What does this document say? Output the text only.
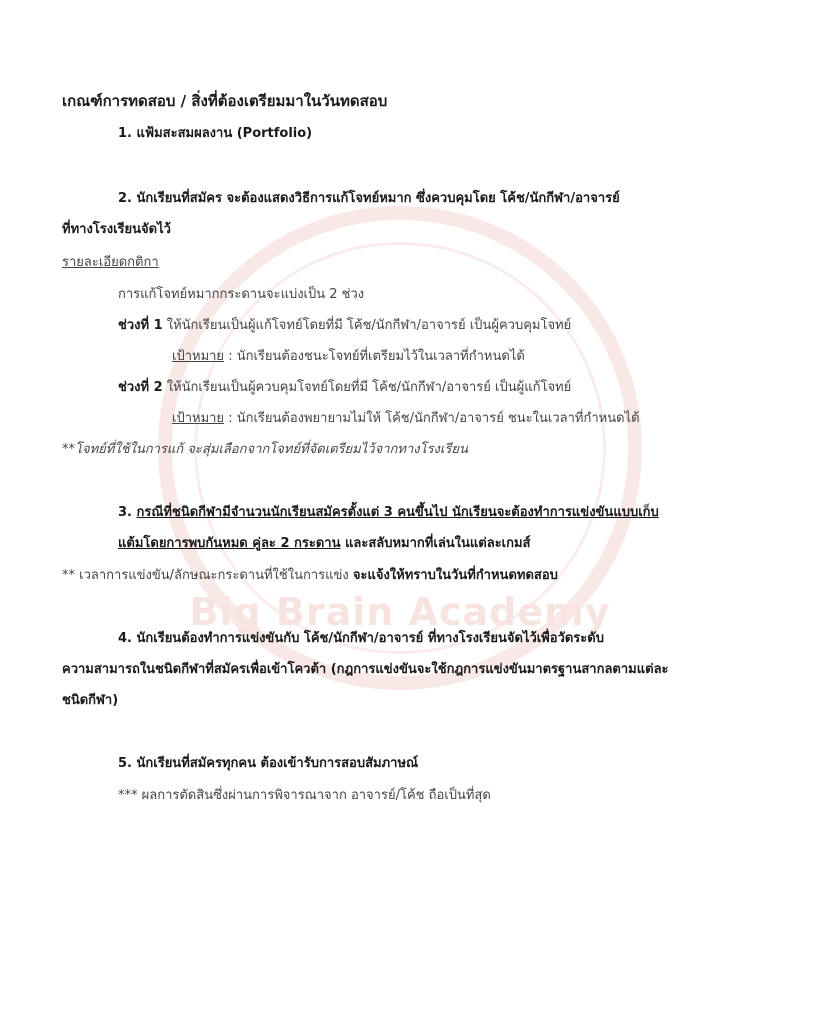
Big Brain Academy
เกณฑ์การทดสอบ / สิ่งที่ต้องเตรียมมาในวันทดสอบ
1. แฟ้มสะสมผลงาน (Portfolio)
2. นักเรียนที่สมัคร จะต้องแสดงวิธีการแก้โจทย์หมาก ซึ่งควบคุมโดย โค้ช/นักกีฬา/อาจารย์
ที่ทางโรงเรียนจัดไว้
รายละเอียดกติกา
การแก้โจทย์หมากกระดานจะแบ่งเป็น 2 ช่วง
ช่วงที่ 1 ให้นักเรียนเป็นผู้แก้โจทย์โดยที่มี โค้ช/นักกีฬา/อาจารย์ เป็นผู้ควบคุมโจทย์
เป้าหมาย : นักเรียนต้องชนะโจทย์ที่เตรียมไว้ในเวลาที่กำหนดได้
ช่วงที่ 2 ให้นักเรียนเป็นผู้ควบคุมโจทย์โดยที่มี โค้ช/นักกีฬา/อาจารย์ เป็นผู้แก้โจทย์
เป้าหมาย : นักเรียนต้องพยายามไม่ให้ โค้ช/นักกีฬา/อาจารย์ ชนะในเวลาที่กำหนดได้
**โจทย์ที่ใช้ในการแก้ จะสุ่มเลือกจากโจทย์ที่จัดเตรียมไว้จากทางโรงเรียน
3. กรณีที่ชนิดกีฬามีจำนวนนักเรียนสมัครตั้งแต่ 3 คนขึ้นไป นักเรียนจะต้องทำการแข่งขันแบบเก็บ
แต้มโดยการพบกันหมด คู่ละ 2 กระดาน และสลับหมากที่เล่นในแต่ละเกมส์
** เวลาการแข่งขัน/ลักษณะกระดานที่ใช้ในการแข่ง จะแจ้งให้ทราบในวันที่กำหนดทดสอบ
4. นักเรียนต้องทำการแข่งขันกับ โค้ช/นักกีฬา/อาจารย์ ที่ทางโรงเรียนจัดไว้เพื่อวัดระดับ
ความสามารถในชนิดกีฬาที่สมัครเพื่อเข้าโควต้า (กฎการแข่งขันจะใช้กฎการแข่งขันมาตรฐานสากลตามแต่ละ
ชนิดกีฬา)
5. นักเรียนที่สมัครทุกคน ต้องเข้ารับการสอบสัมภาษณ์
*** ผลการตัดสินซึ่งผ่านการพิจารณาจาก อาจารย์/โค้ช ถือเป็นที่สุด
